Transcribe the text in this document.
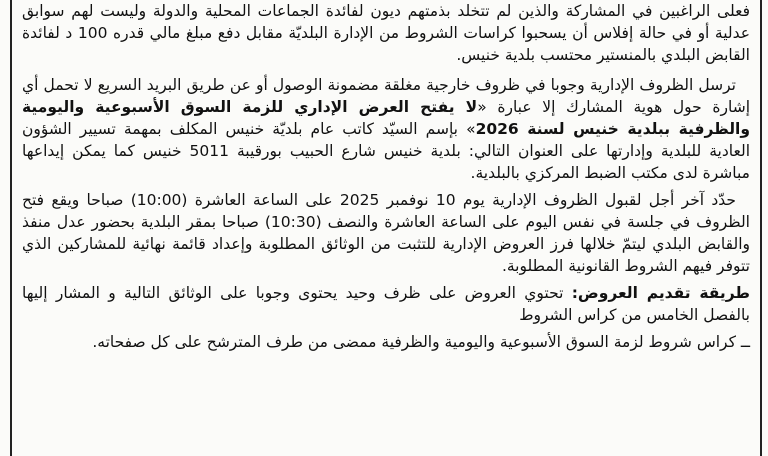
فعلى الراغبين في المشاركة والذين لم تتخلد بذمتهم ديون لفائدة الجماعات المحلية والدولة وليست لهم سوابق عدلية أو في حالة إفلاس أن يسحبوا كراسات الشروط من الإدارة البلديّة مقابل دفع مبلغ مالي قدره 100 د لفائدة القابض البلدي بالمنستير محتسب بلدية خنيس.

ترسل الظروف الإدارية وجوبا في ظروف خارجية مغلقة مضمونة الوصول أو عن طريق البريد السريع لا تحمل أي إشارة حول هوية المشارك إلا عبارة «لا يفتح العرض الإداري للزمة السوق الأسبوعية واليومية والظرفية ببلدية خنيس لسنة 2026» بإسم السيّد كاتب عام بلديّة خنيس المكلف بمهمة تسيير الشؤون العادية للبلدية وإدارتها على العنوان التالي: بلدية خنيس شارع الحبيب بورقيبة 5011 خنيس كما يمكن إيداعها مباشرة لدى مكتب الضبط المركزي بالبلدية.

حدّد آخر أجل لقبول الظروف الإدارية يوم 10 نوفمبر 2025 على الساعة العاشرة (10:00) صباحا ويقع فتح الظروف في جلسة في نفس اليوم على الساعة العاشرة والنصف (10:30) صباحا بمقر البلدية بحضور عدل منفذ والقابض البلدي ليتمّ خلالها فرز العروض الإدارية للتثبت من الوثائق المطلوبة وإعداد قائمة نهائية للمشاركين الذي تتوفر فيهم الشروط القانونية المطلوبة.

طريقة تقديم العروض: تحتوي العروض على ظرف وحيد يحتوى وجوبا على الوثائق التالية و المشار إليها بالفصل الخامس من كراس الشروط

ــ كراس شروط لزمة السوق الأسبوعية واليومية والظرفية ممضى من طرف المترشح على كل صفحاته.
